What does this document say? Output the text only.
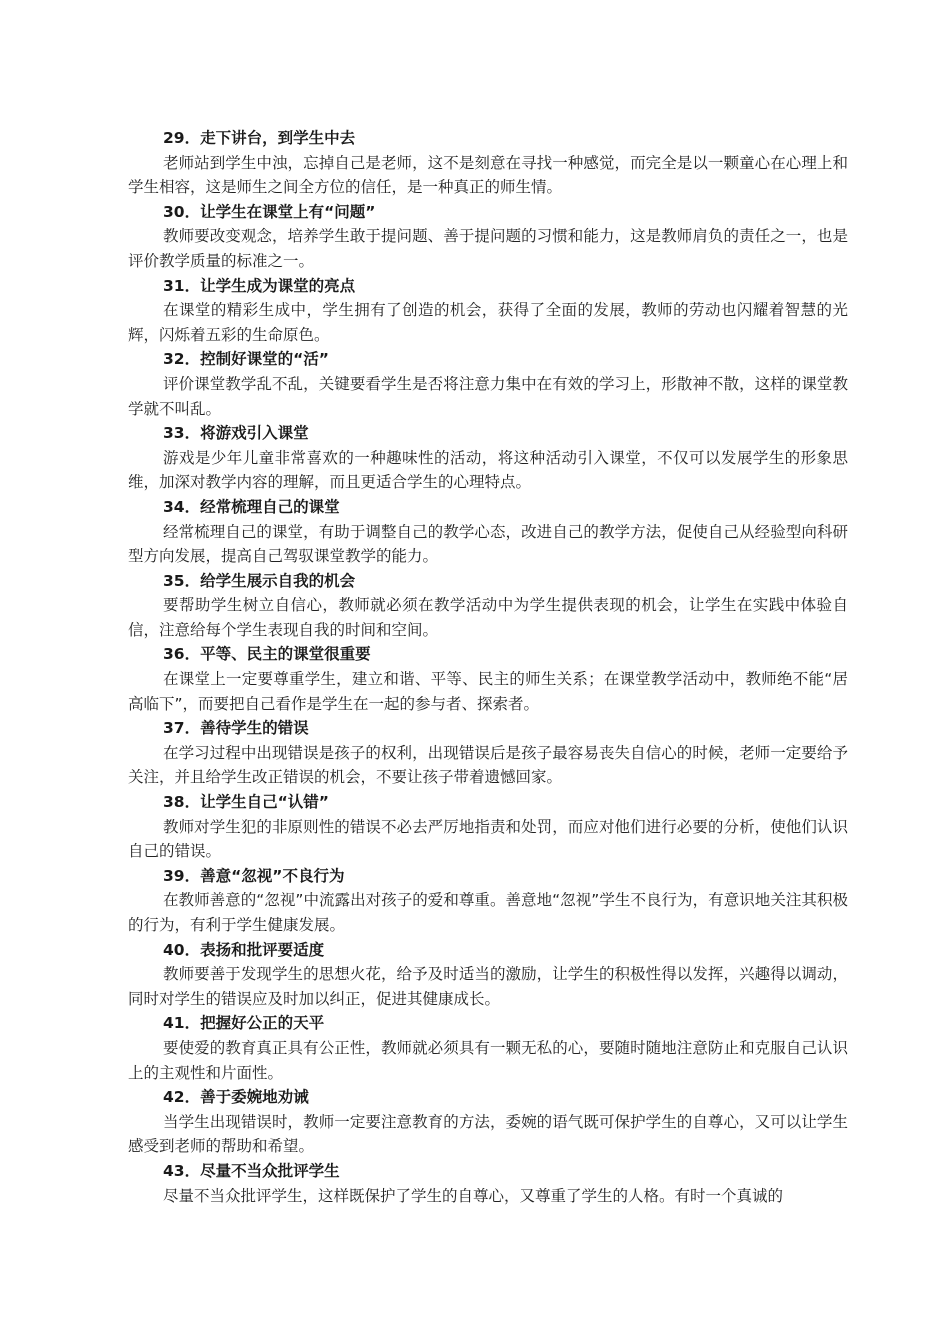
29．走下讲台，到学生中去
老师站到学生中浊，忘掉自己是老师，这不是刻意在寻找一种感觉，而完全是以一颗童心在心理上和学生相容，这是师生之间全方位的信任，是一种真正的师生情。
30．让学生在课堂上有“问题”
教师要改变观念，培养学生敢于提问题、善于提问题的习惯和能力，这是教师肩负的责任之一，也是评价教学质量的标准之一。
31．让学生成为课堂的亮点
在课堂的精彩生成中，学生拥有了创造的机会，获得了全面的发展，教师的劳动也闪耀着智慧的光辉，闪烁着五彩的生命原色。
32．控制好课堂的“活”
评价课堂教学乱不乱，关键要看学生是否将注意力集中在有效的学习上，形散神不散，这样的课堂教学就不叫乱。
33．将游戏引入课堂
游戏是少年儿童非常喜欢的一种趣味性的活动，将这种活动引入课堂，不仅可以发展学生的形象思维，加深对教学内容的理解，而且更适合学生的心理特点。
34．经常梳理自己的课堂
经常梳理自己的课堂，有助于调整自己的教学心态，改进自己的教学方法，促使自己从经验型向科研型方向发展，提高自己驾驭课堂教学的能力。
35．给学生展示自我的机会
要帮助学生树立自信心，教师就必须在教学活动中为学生提供表现的机会，让学生在实践中体验自信，注意给每个学生表现自我的时间和空间。
36．平等、民主的课堂很重要
在课堂上一定要尊重学生，建立和谐、平等、民主的师生关系；在课堂教学活动中，教师绝不能“居高临下”，而要把自己看作是学生在一起的参与者、探索者。
37．善待学生的错误
在学习过程中出现错误是孩子的权利，出现错误后是孩子最容易丧失自信心的时候，老师一定要给予关注，并且给学生改正错误的机会，不要让孩子带着遗憾回家。
38．让学生自己“认错”
教师对学生犯的非原则性的错误不必去严厉地指责和处罚，而应对他们进行必要的分析，使他们认识自己的错误。
39．善意“忽视”不良行为
在教师善意的“忽视”中流露出对孩子的爱和尊重。善意地“忽视”学生不良行为，有意识地关注其积极的行为，有利于学生健康发展。
40．表扬和批评要适度
教师要善于发现学生的思想火花，给予及时适当的激励，让学生的积极性得以发挥，兴趣得以调动，同时对学生的错误应及时加以纠正，促进其健康成长。
41．把握好公正的天平
要使爱的教育真正具有公正性，教师就必须具有一颗无私的心，要随时随地注意防止和克服自己认识上的主观性和片面性。
42．善于委婉地劝诫
当学生出现错误时，教师一定要注意教育的方法，委婉的语气既可保护学生的自尊心，又可以让学生感受到老师的帮助和希望。
43．尽量不当众批评学生
尽量不当众批评学生，这样既保护了学生的自尊心，又尊重了学生的人格。有时一个真诚的
